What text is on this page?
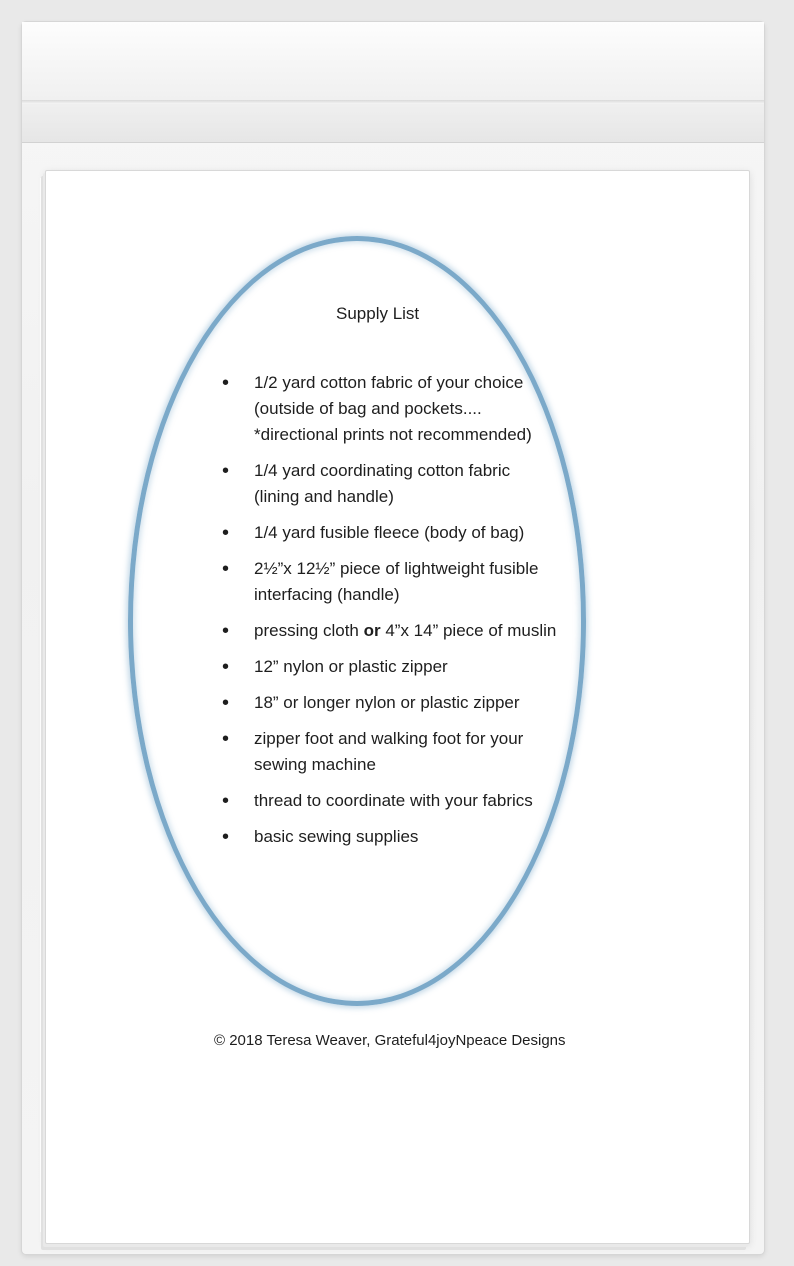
Supply List
• 1/2 yard cotton fabric of your choice
(outside of bag and pockets....
*directional prints not recommended)
• 1/4 yard coordinating cotton fabric
(lining and handle)
• 1/4 yard fusible fleece (body of bag)
• 2½”x 12½” piece of lightweight fusible
interfacing (handle)
• pressing cloth or 4”x 14” piece of muslin
• 12” nylon or plastic zipper
• 18” or longer nylon or plastic zipper
• zipper foot and walking foot for your
sewing machine
• thread to coordinate with your fabrics
• basic sewing supplies
© 2018 Teresa Weaver, Grateful4joyNpeace Designs
